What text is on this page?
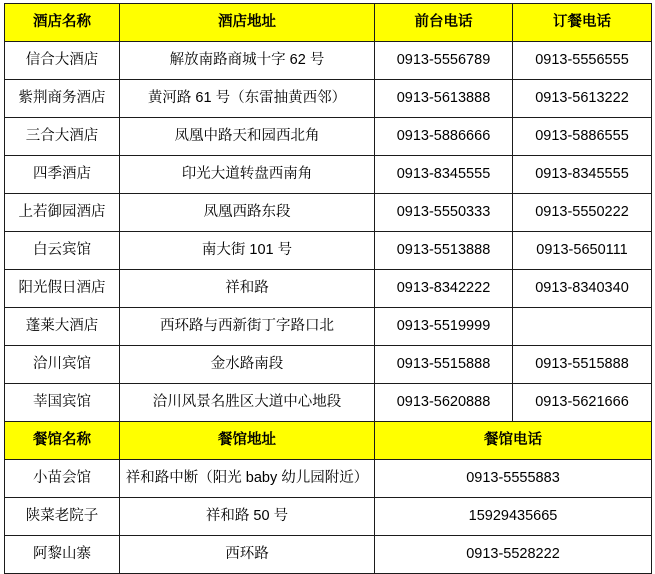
酒店名称	酒店地址	前台电话	订餐电话
信合大酒店	解放南路商城十字 62 号	0913-5556789	0913-5556555
紫荆商务酒店	黄河路 61 号（东雷抽黄西邻）	0913-5613888	0913-5613222
三合大酒店	凤凰中路天和园西北角	0913-5886666	0913-5886555
四季酒店	印光大道转盘西南角	0913-8345555	0913-8345555
上若御园酒店	凤凰西路东段	0913-5550333	0913-5550222
白云宾馆	南大街 101 号	0913-5513888	0913-5650111
阳光假日酒店	祥和路	0913-8342222	0913-8340340
蓬莱大酒店	西环路与西新街丁字路口北	0913-5519999	
洽川宾馆	金水路南段	0913-5515888	0913-5515888
莘国宾馆	洽川风景名胜区大道中心地段	0913-5620888	0913-5621666
餐馆名称	餐馆地址	餐馆电话	
小苗会馆	祥和路中断（阳光 baby 幼儿园附近）	0913-5555883	
陕菜老院子	祥和路 50 号	15929435665	
阿黎山寨	西环路	0913-5528222	
